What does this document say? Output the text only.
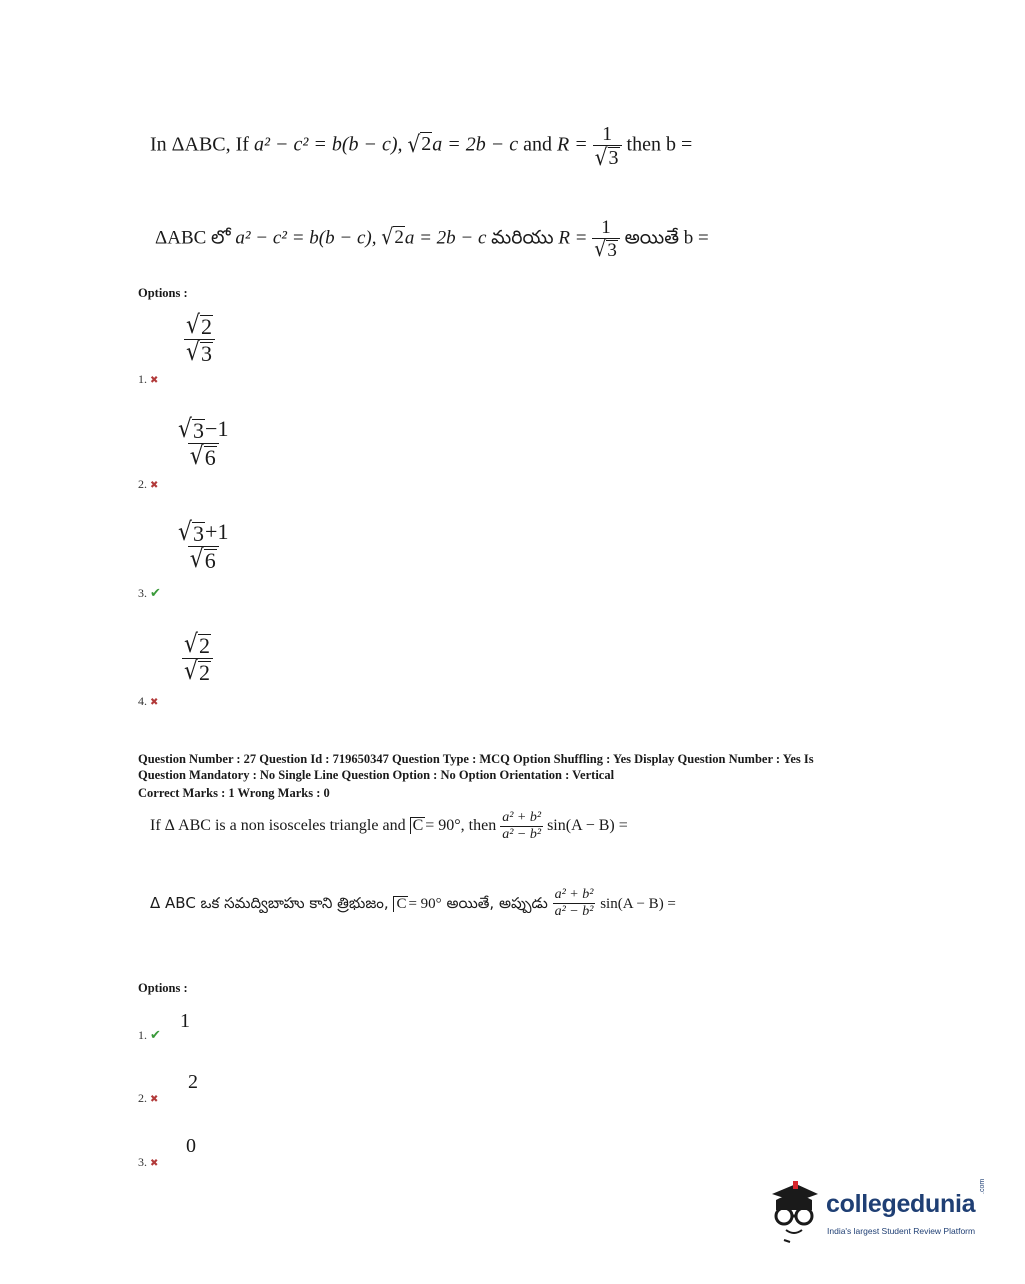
In ΔABC, If a² − c² = b(b − c), √ 2 a = 2b − c and $R = \frac{1}{√ 3}$ then b =
ΔABC లో a² − c² = b(b − c), √ 2 a = 2b − c మరియు $R = \frac{1}{√ 3}$ అయితే b =
Options :
$\frac{√ 2}{√ 3}$
1. ✖
$\frac{√ 3 -1}{√ 6}$
2. ✖
$\frac{√ 3 +1}{√ 6}$
3. ✔
$\frac{√ 2}{√ 2}$
4. ✖
Question Number : 27 Question Id : 719650347 Question Type : MCQ Option Shuffling : Yes Display Question Number : Yes Is
Question Mandatory : No Single Line Question Option : No Option Orientation : Vertical
Correct Marks : 1 Wrong Marks : 0
If Δ ABC is a non isosceles triangle and C = 90°, then $\frac{\text{a² + b²}}{\text{a² − b²}} \sin(A - B)$ =
Δ ABC ఒక సమద్విబాహు కాని త్రిభుజం, C = 90° అయితే, అప్పుడు $\frac{\text{a² + b²}}{\text{a² − b²}} \sin(A - B)$ =
Options :
1
1. ✔
2
2. ✖
0
3. ✖
collegedunia
.com
India's largest Student Review Platform
